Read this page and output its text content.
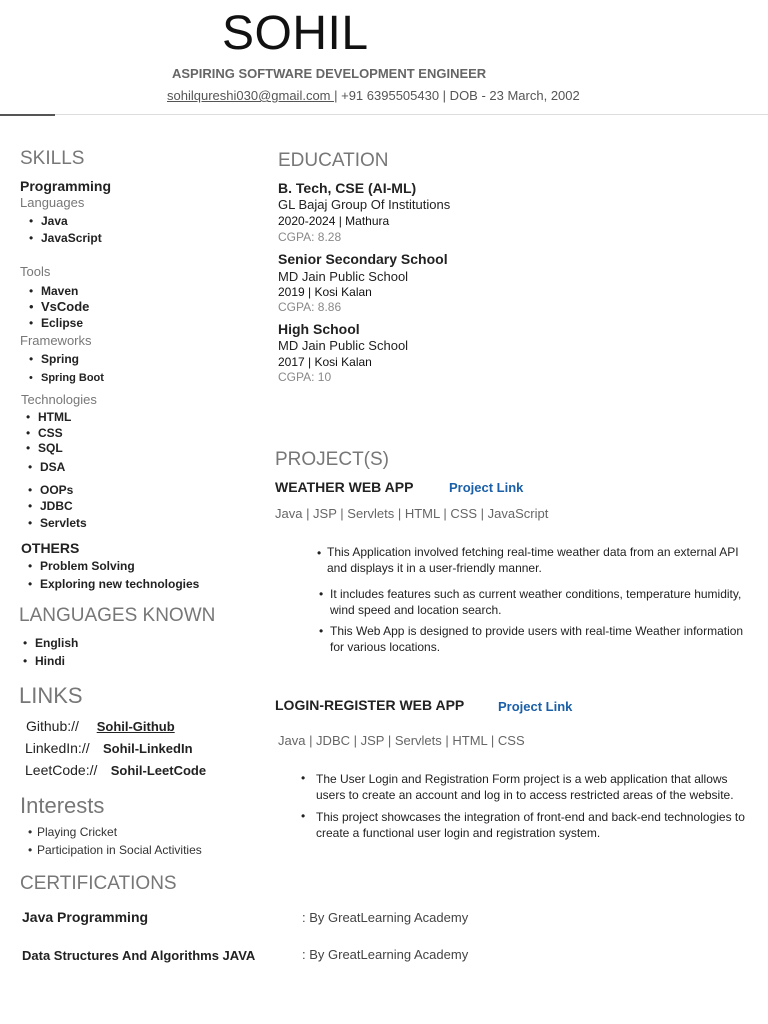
SOHIL
ASPIRING SOFTWARE DEVELOPMENT ENGINEER
sohilqureshi030@gmail.com | +91 6395505430 | DOB - 23 March, 2002
SKILLS
Programming
Languages
• Java
• JavaScript
Tools
• Maven
• VsCode
• Eclipse
Frameworks
• Spring
• Spring Boot
Technologies
• HTML
• CSS
• SQL
• DSA
• OOPs
• JDBC
• Servlets
OTHERS
• Problem Solving
• Exploring new technologies
LANGUAGES KNOWN
• English
• Hindi
LINKS
Github:// Sohil-Github
LinkedIn:// Sohil-LinkedIn
LeetCode:// Sohil-LeetCode
Interests
• Playing Cricket
• Participation in Social Activities
CERTIFICATIONS
Java Programming	: By GreatLearning Academy
Data Structures And Algorithms JAVA	: By GreatLearning Academy
EDUCATION
B. Tech, CSE (AI-ML)
GL Bajaj Group Of Institutions
2020-2024 | Mathura
CGPA: 8.28
Senior Secondary School
MD Jain Public School
2019 | Kosi Kalan
CGPA: 8.86
High School
MD Jain Public School
2017 | Kosi Kalan
CGPA: 10
PROJECT(S)
WEATHER WEB APP	Project Link
Java | JSP | Servlets | HTML | CSS | JavaScript
• This Application involved fetching real-time weather data from an external API and displays it in a user-friendly manner.
• It includes features such as current weather conditions, temperature humidity, wind speed and location search.
• This Web App is designed to provide users with real-time Weather information for various locations.
LOGIN-REGISTER WEB APP	Project Link
Java | JDBC | JSP | Servlets | HTML | CSS
• The User Login and Registration Form project is a web application that allows users to create an account and log in to access restricted areas of the website.
• This project showcases the integration of front-end and back-end technologies to create a functional user login and registration system.
